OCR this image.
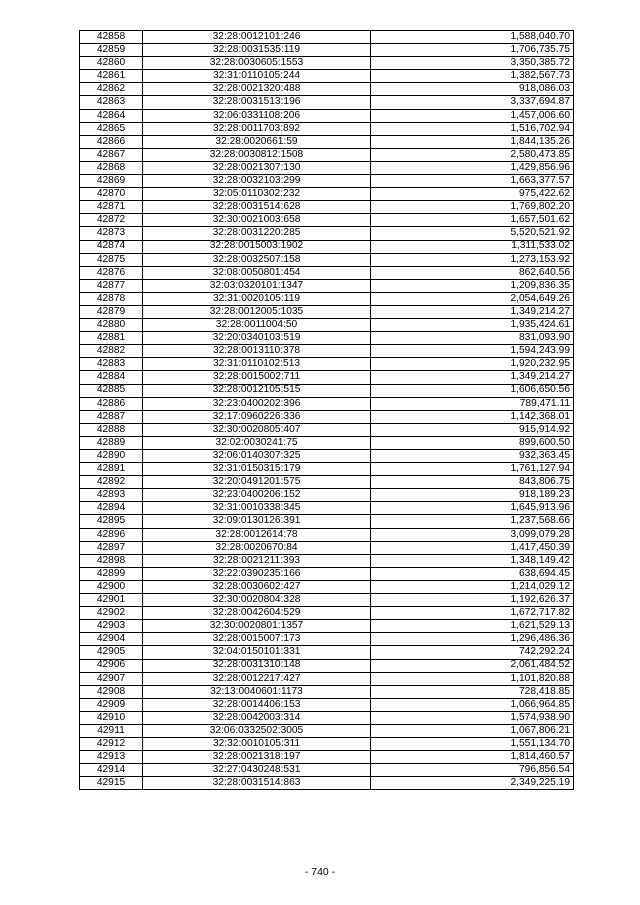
42858	32:28:0012101:246	1,588,040.70
42859	32:28:0031535:119	1,706,735.75
42860	32:28:0030605:1553	3,350,385.72
42861	32:31:0110105:244	1,382,567.73
42862	32:28:0021320:488	918,086.03
42863	32:28:0031513:196	3,337,694.87
42864	32:06:0331108:206	1,457,006.60
42865	32:28:0011703:892	1,516,702.94
42866	32:28:0020661:59	1,844,135.26
42867	32:28:0030812:1508	2,580,473.85
42868	32:28:0021307:130	1,429,856.96
42869	32:28:0032103:299	1,663,377.57
42870	32:05:0110302:232	975,422.62
42871	32:28:0031514:628	1,769,802.20
42872	32:30:0021003:658	1,657,501.62
42873	32:28:0031220:285	5,520,521.92
42874	32:28:0015003:1902	1,311,533.02
42875	32:28:0032507:158	1,273,153.92
42876	32:08:0050801:454	862,640.56
42877	32:03:0320101:1347	1,209,836.35
42878	32:31:0020105:119	2,054,649.26
42879	32:28:0012005:1035	1,349,214.27
42880	32:28:0011004:50	1,935,424.61
42881	32:20:0340103:519	831,093.90
42882	32:28:0013110:378	1,594,243.99
42883	32:31:0110102:513	1,920,232.95
42884	32:28:0015002:711	1,349,214.27
42885	32:28:0012105:515	1,606,650.56
42886	32:23:0400202:396	789,471.11
42887	32:17:0960226:336	1,142,368.01
42888	32:30:0020805:407	915,914.92
42889	32:02:0030241:75	899,600.50
42890	32:06:0140307:325	932,363.45
42891	32:31:0150315:179	1,761,127.94
42892	32:20:0491201:575	843,806.75
42893	32:23:0400206:152	918,189.23
42894	32:31:0010338:345	1,645,913.96
42895	32:09:0130126:391	1,237,568.66
42896	32:28:0012614:78	3,099,079.28
42897	32:28:0020670:84	1,417,450.39
42898	32:28:0021211:393	1,348,149.42
42899	32:22:0390235:166	638,694.45
42900	32:28:0030602:427	1,214,029.12
42901	32:30:0020804:328	1,192,626.37
42902	32:28:0042604:529	1,672,717.82
42903	32:30:0020801:1357	1,621,529.13
42904	32:28:0015007:173	1,296,486.36
42905	32:04:0150101:331	742,292.24
42906	32:28:0031310:148	2,061,484.52
42907	32:28:0012217:427	1,101,820.88
42908	32:13:0040601:1173	728,418.85
42909	32:28:0014406:153	1,066,964.85
42910	32:28:0042003:314	1,574,938.90
42911	32:06:0332502:3005	1,067,806.21
42912	32:32:0010105:311	1,551,134.70
42913	32:28:0021318:197	1,814,460.57
42914	32:27:0430248:531	796,856.54
42915	32:28:0031514:863	2,349,225.19
- 740 -
